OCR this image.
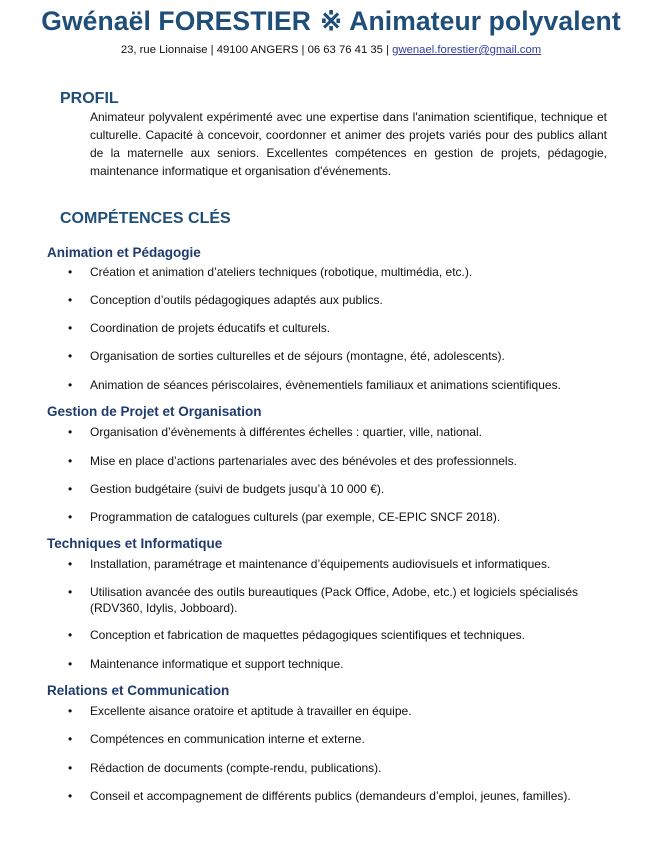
Gwénaël FORESTIER ※ Animateur polyvalent
23, rue Lionnaise | 49100 ANGERS | 06 63 76 41 35 | gwenael.forestier@gmail.com
PROFIL
Animateur polyvalent expérimenté avec une expertise dans l'animation scientifique, technique et culturelle. Capacité à concevoir, coordonner et animer des projets variés pour des publics allant de la maternelle aux seniors. Excellentes compétences en gestion de projets, pédagogie, maintenance informatique et organisation d'événements.
COMPÉTENCES CLÉS
Animation et Pédagogie
•	Création et animation d’ateliers techniques (robotique, multimédia, etc.).
•	Conception d’outils pédagogiques adaptés aux publics.
•	Coordination de projets éducatifs et culturels.
•	Organisation de sorties culturelles et de séjours (montagne, été, adolescents).
•	Animation de séances périscolaires, évènementiels familiaux et animations scientifiques.
Gestion de Projet et Organisation
•	Organisation d’évènements à différentes échelles : quartier, ville, national.
•	Mise en place d’actions partenariales avec des bénévoles et des professionnels.
•	Gestion budgétaire (suivi de budgets jusqu’à 10 000 €).
•	Programmation de catalogues culturels (par exemple, CE-EPIC SNCF 2018).
Techniques et Informatique
•	Installation, paramétrage et maintenance d’équipements audiovisuels et informatiques.
•	Utilisation avancée des outils bureautiques (Pack Office, Adobe, etc.) et logiciels spécialisés (RDV360, Idylis, Jobboard).
•	Conception et fabrication de maquettes pédagogiques scientifiques et techniques.
•	Maintenance informatique et support technique.
Relations et Communication
•	Excellente aisance oratoire et aptitude à travailler en équipe.
•	Compétences en communication interne et externe.
•	Rédaction de documents (compte-rendu, publications).
•	Conseil et accompagnement de différents publics (demandeurs d’emploi, jeunes, familles).
